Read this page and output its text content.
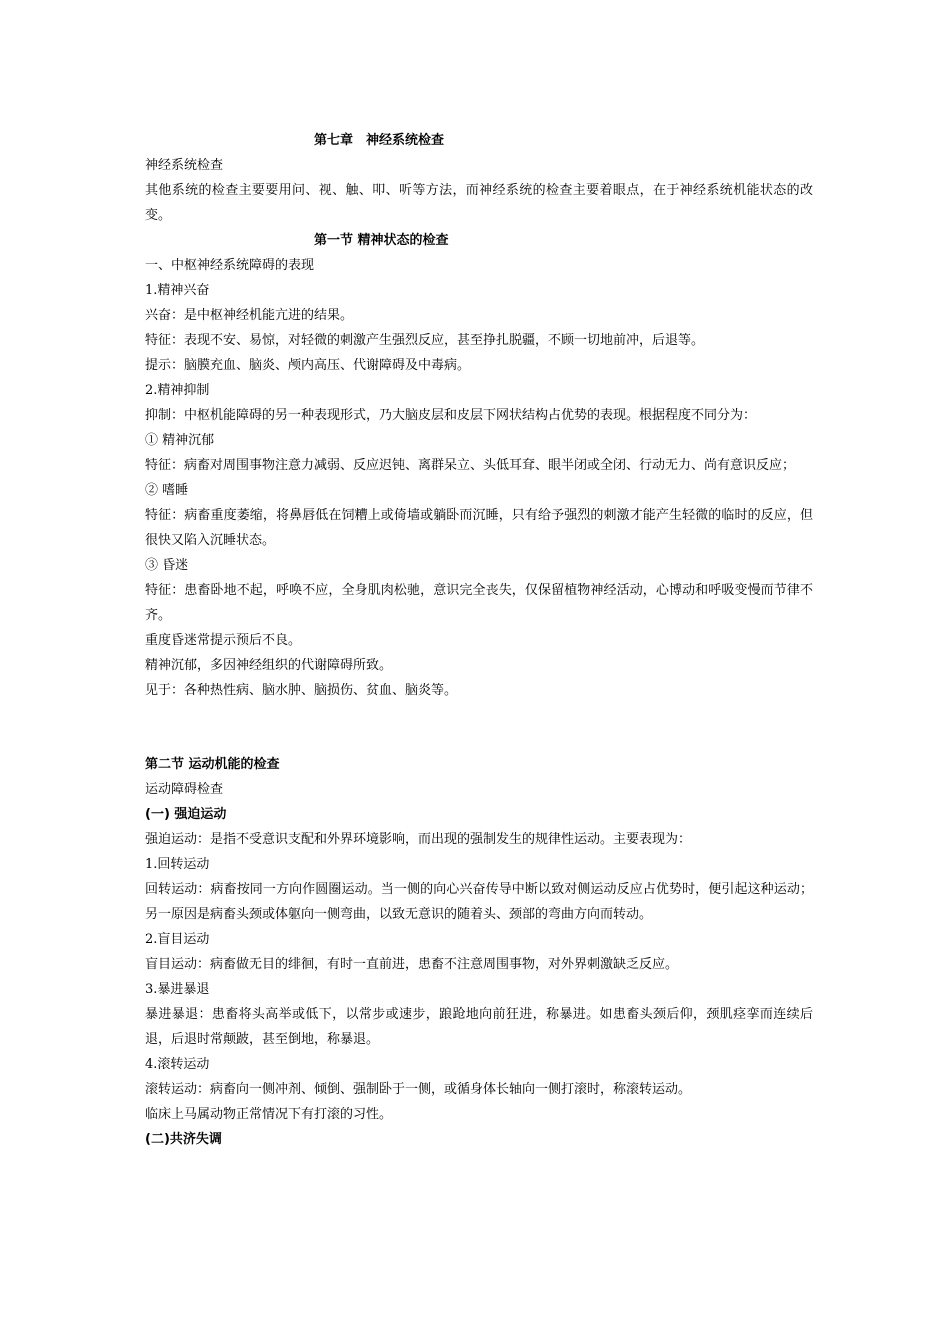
第七章　神经系统检查
神经系统检查
其他系统的检查主要要用问、视、触、叩、听等方法，而神经系统的检查主要着眼点，在于神经系统机能状态的改变。
第一节 精神状态的检查
一、中枢神经系统障碍的表现
1.精神兴奋
兴奋：是中枢神经机能亢进的结果。
特征：表现不安、易惊，对轻微的刺激产生强烈反应，甚至挣扎脱疆，不顾一切地前冲，后退等。
提示：脑膜充血、脑炎、颅内高压、代谢障碍及中毒病。
2.精神抑制
抑制：中枢机能障碍的另一种表现形式，乃大脑皮层和皮层下网状结构占优势的表现。根据程度不同分为：
① 精神沉郁
特征：病畜对周围事物注意力减弱、反应迟钝、离群呆立、头低耳耷、眼半闭或全闭、行动无力、尚有意识反应；
② 嗜睡
特征：病畜重度萎缩，将鼻唇低在饲糟上或倚墙或躺卧而沉睡，只有给予强烈的刺激才能产生轻微的临时的反应，但很快又陷入沉睡状态。
③ 昏迷
特征：患畜卧地不起，呼唤不应，全身肌肉松驰，意识完全丧失，仅保留植物神经活动，心博动和呼吸变慢而节律不齐。
重度昏迷常提示预后不良。
精神沉郁，多因神经组织的代谢障碍所致。
见于：各种热性病、脑水肿、脑损伤、贫血、脑炎等。
第二节 运动机能的检查
运动障碍检查
(一) 强迫运动
强迫运动：是指不受意识支配和外界环境影响，而出现的强制发生的规律性运动。主要表现为：
1.回转运动
回转运动：病畜按同一方向作圆圈运动。当一侧的向心兴奋传导中断以致对侧运动反应占优势时，便引起这种运动；另一原因是病畜头颈或体躯向一侧弯曲，以致无意识的随着头、颈部的弯曲方向而转动。
2.盲目运动
盲目运动：病畜做无目的绯徊，有时一直前进，患畜不注意周围事物，对外界刺激缺乏反应。
3.暴进暴退
暴进暴退：患畜将头高举或低下，以常步或速步，踉跄地向前狂进，称暴进。如患畜头颈后仰，颈肌痉挛而连续后退，后退时常颠跛，甚至倒地，称暴退。
4.滚转运动
滚转运动：病畜向一侧冲剂、倾倒、强制卧于一侧，或循身体长轴向一侧打滚时，称滚转运动。
临床上马属动物正常情况下有打滚的习性。
(二)共济失调
